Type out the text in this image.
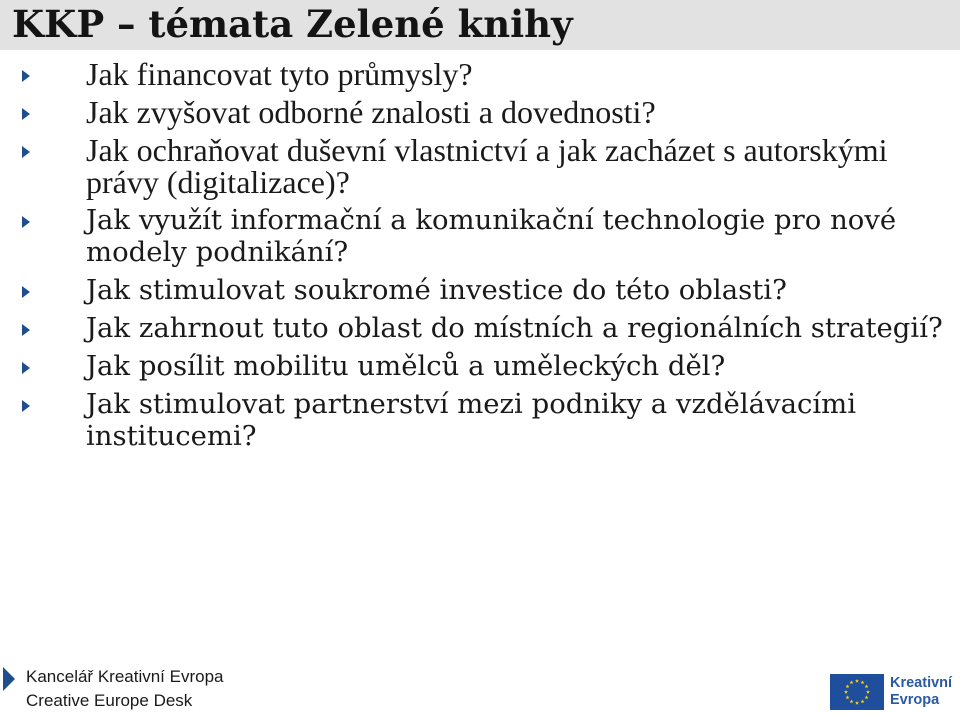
KKP – témata Zelené knihy
Jak financovat tyto průmysly?
Jak zvyšovat odborné znalosti a dovednosti?
Jak ochraňovat duševní vlastnictví a jak zacházet s autorskými právy (digitalizace)?
Jak využít informační a komunikační technologie pro nové modely podnikání?
Jak stimulovat soukromé investice do této oblasti?
Jak zahrnout tuto oblast do místních a regionálních strategií?
Jak posílit mobilitu umělců a uměleckých děl?
Jak stimulovat partnerství mezi podniky a vzdělávacími institucemi?
Kancelář Kreativní Evropa
Creative Europe Desk
Kreativní
Evropa
